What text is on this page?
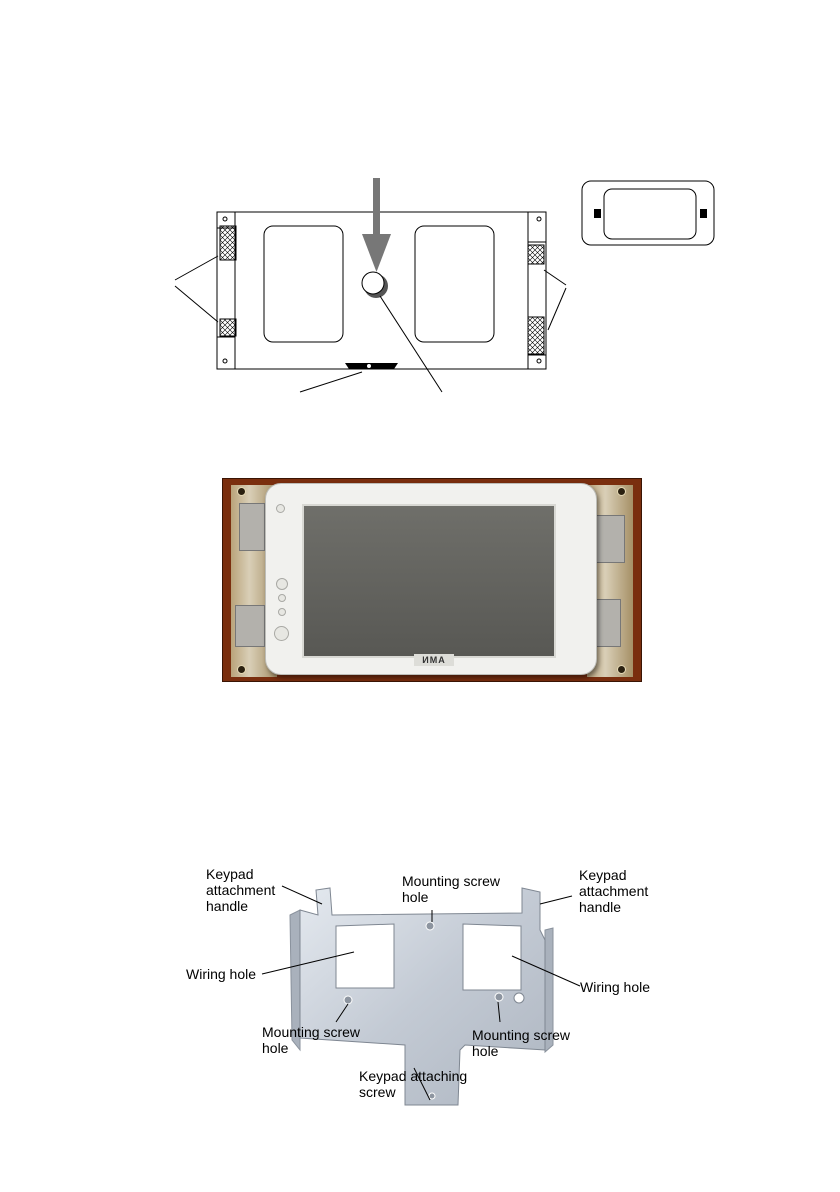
ИMA
Keypad
attachment
handle
Mounting screw
hole
Keypad
attachment
handle
Wiring hole
Wiring hole
Mounting screw
hole
Mounting screw
hole
Keypad attaching
screw
